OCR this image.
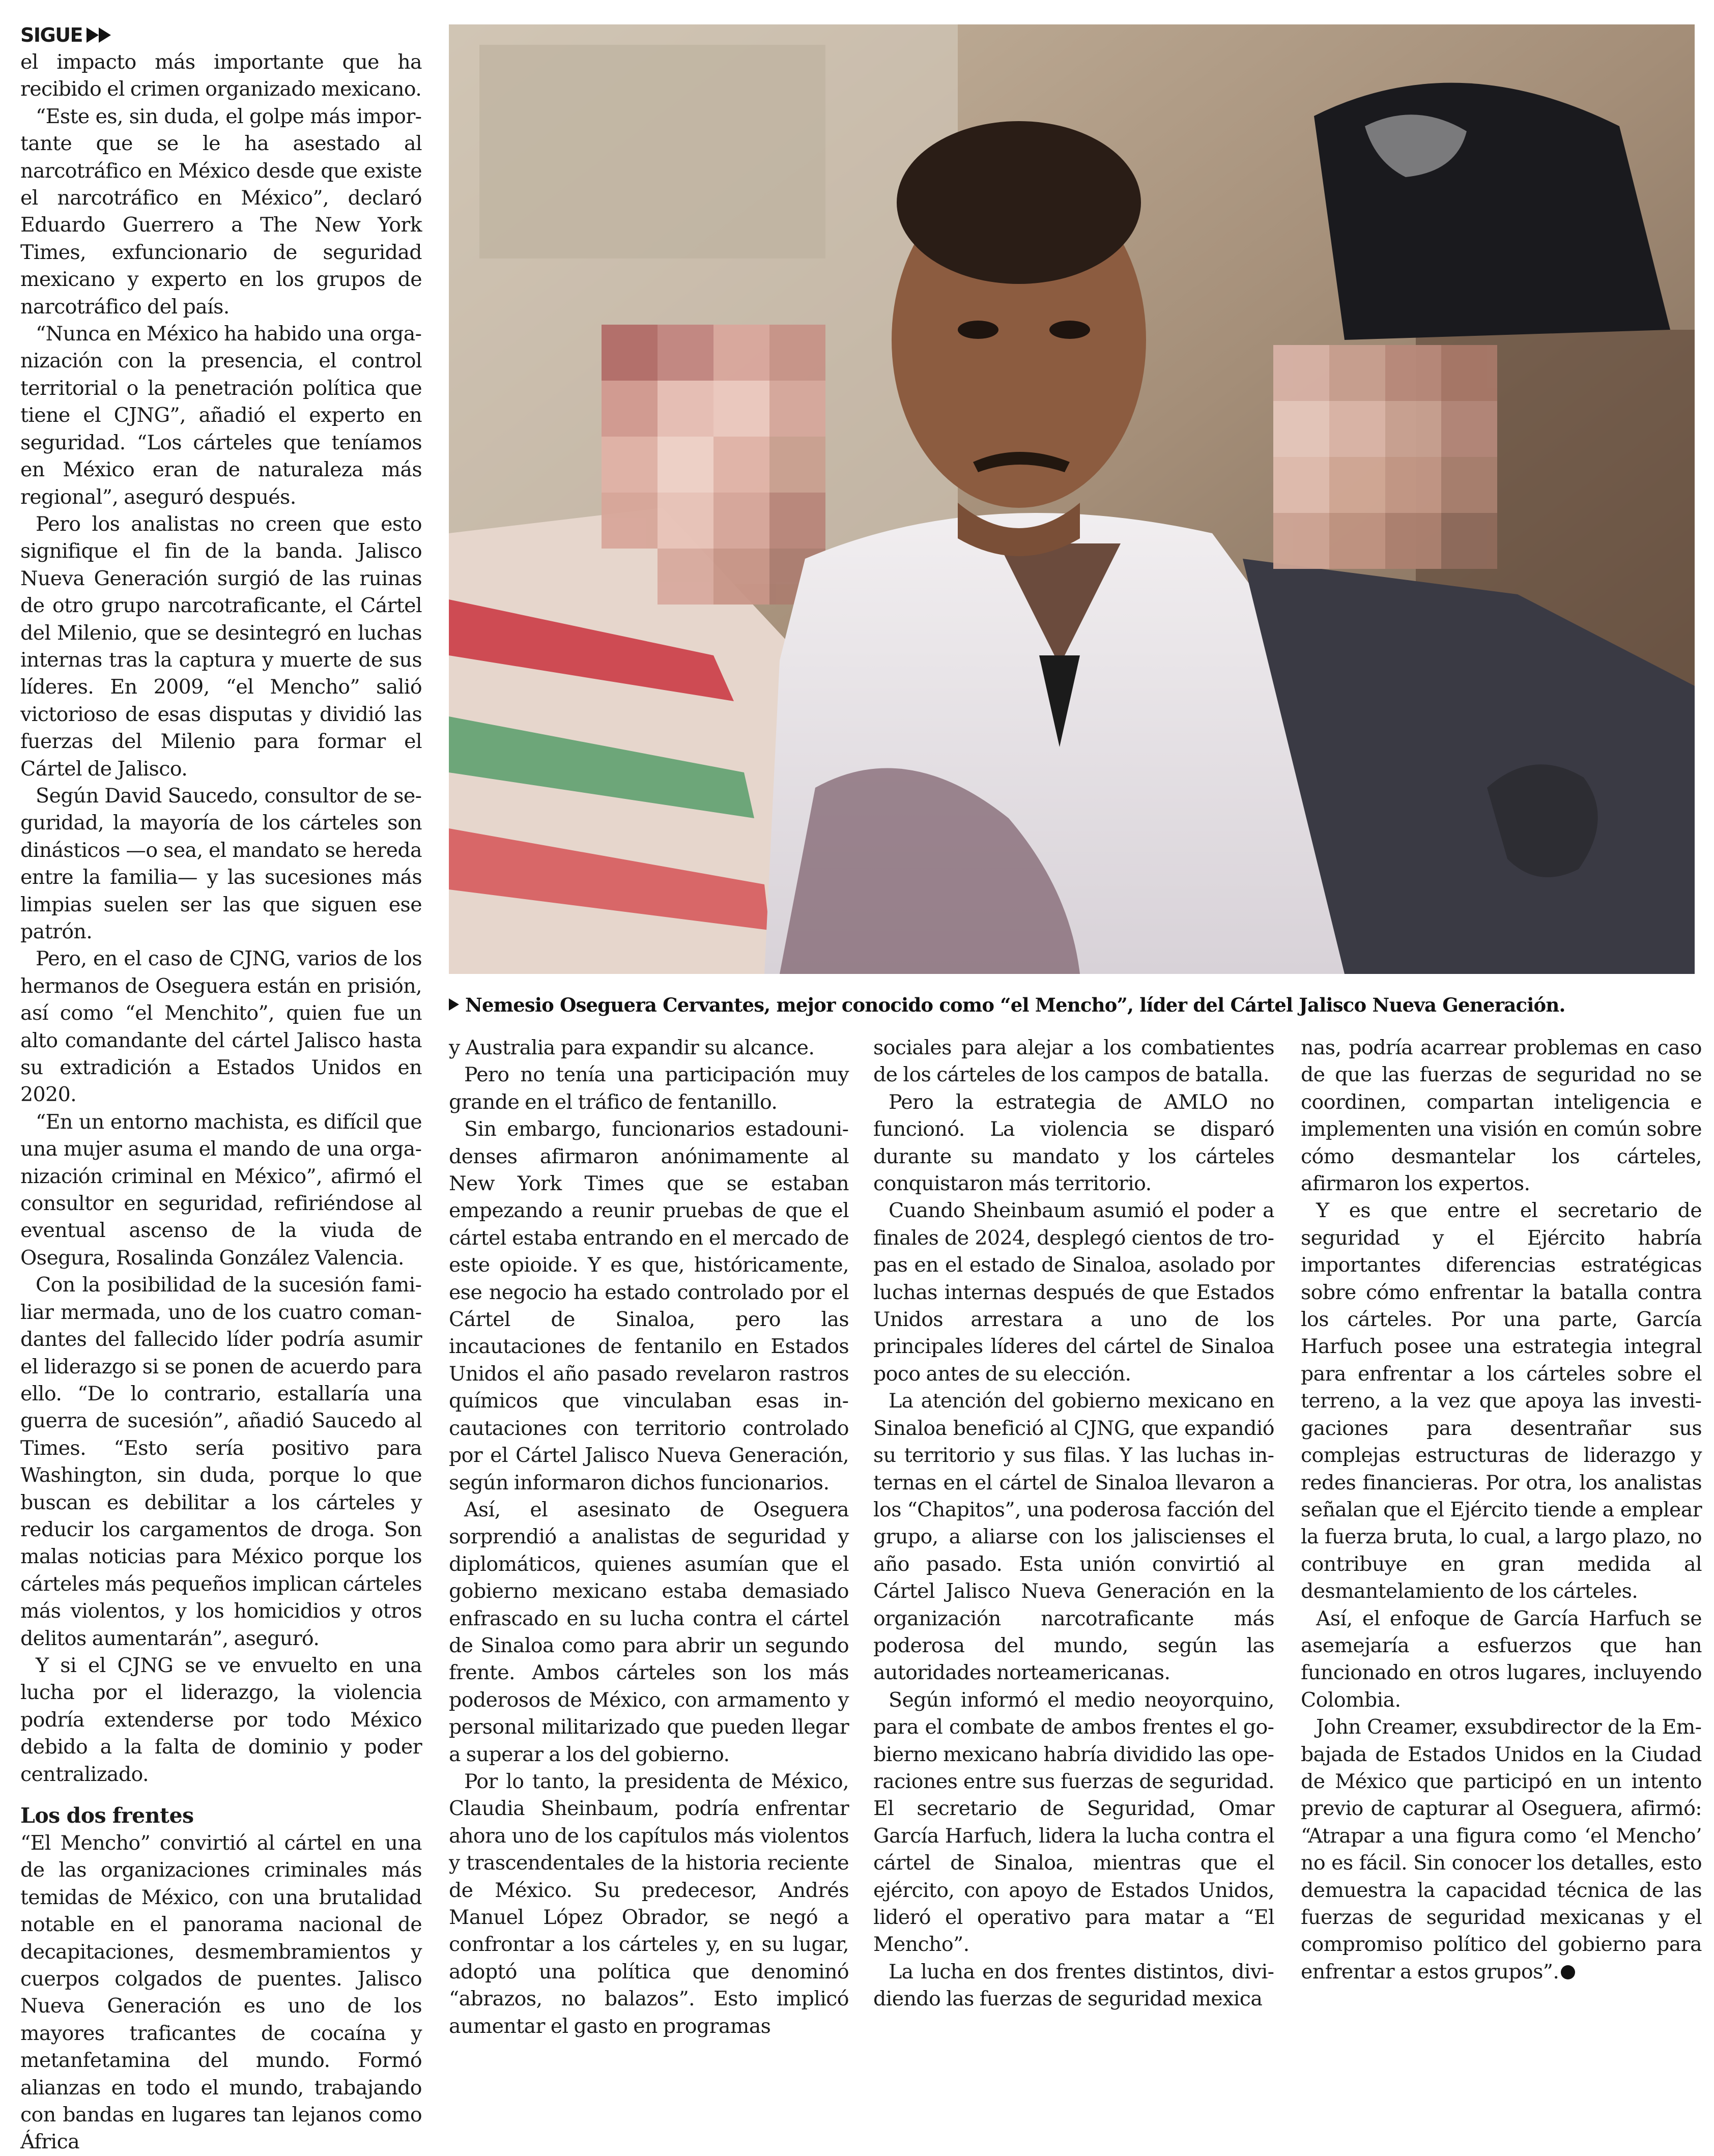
SIGUE
Nemesio Oseguera Cervantes, mejor conocido como “el Mencho”, líder del Cártel Jalisco Nueva Generación.

el impacto más importante que ha recibido el crimen organizado mexicano.

“Este es, sin duda, el golpe más importante que se le ha asestado al narcotráfico en México desde que existe el narcotráfico en México”, declaró Eduardo Guerrero a The New York Times, exfuncionario de seguridad mexicano y experto en los grupos de narcotráfico del país.

“Nunca en México ha habido una organización con la presencia, el control territorial o la penetración política que tiene el CJNG”, añadió el experto en seguridad. “Los cárteles que teníamos en México eran de naturaleza más regional”, aseguró después.

Pero los analistas no creen que esto signifique el fin de la banda. Jalisco Nueva Generación surgió de las ruinas de otro grupo narcotraficante, el Cártel del Milenio, que se desintegró en luchas internas tras la captura y muerte de sus líderes. En 2009, “el Mencho” salió victorioso de esas disputas y dividió las fuerzas del Milenio para formar el Cártel de Jalisco.

Según David Saucedo, consultor de seguridad, la mayoría de los cárteles son dinásticos —o sea, el mandato se hereda entre la familia— y las sucesiones más limpias suelen ser las que siguen ese patrón.

Pero, en el caso de CJNG, varios de los hermanos de Oseguera están en prisión, así como “el Menchito”, quien fue un alto comandante del cártel Jalisco hasta su extradición a Estados Unidos en 2020.

“En un entorno machista, es difícil que una mujer asuma el mando de una organización criminal en México”, afirmó el consultor en seguridad, refiriéndose al eventual ascenso de la viuda de Osegura, Rosalinda González Valencia.

Con la posibilidad de la sucesión familiar mermada, uno de los cuatro comandantes del fallecido líder podría asumir el liderazgo si se ponen de acuerdo para ello. “De lo contrario, estallaría una guerra de sucesión”, añadió Saucedo al Times. “Esto sería positivo para Washington, sin duda, porque lo que buscan es debilitar a los cárteles y reducir los cargamentos de droga. Son malas noticias para México porque los cárteles más pequeños implican cárteles más violentos, y los homicidios y otros delitos aumentarán”, aseguró.

Y si el CJNG se ve envuelto en una lucha por el liderazgo, la violencia podría extenderse por todo México debido a la falta de dominio y poder centralizado.

Los dos frentes

“El Mencho” convirtió al cártel en una de las organizaciones criminales más temidas de México, con una brutalidad notable en el panorama nacional de decapitaciones, desmembramientos y cuerpos colgados de puentes. Jalisco Nueva Generación es uno de los mayores traficantes de cocaína y metanfetamina del mundo. Formó alianzas en todo el mundo, trabajando con bandas en lugares tan lejanos como África

y Australia para expandir su alcance.

Pero no tenía una participación muy grande en el tráfico de fentanillo.

Sin embargo, funcionarios estadounidenses afirmaron anónimamente al New York Times que se estaban empezando a reunir pruebas de que el cártel estaba entrando en el mercado de este opioide. Y es que, históricamente, ese negocio ha estado controlado por el Cártel de Sinaloa, pero las incautaciones de fentanilo en Estados Unidos el año pasado revelaron rastros químicos que vinculaban esas incautaciones con territorio controlado por el Cártel Jalisco Nueva Generación, según informaron dichos funcionarios.

Así, el asesinato de Oseguera sorprendió a analistas de seguridad y diplomáticos, quienes asumían que el gobierno mexicano estaba demasiado enfrascado en su lucha contra el cártel de Sinaloa como para abrir un segundo frente. Ambos cárteles son los más poderosos de México, con armamento y personal militarizado que pueden llegar a superar a los del gobierno.

Por lo tanto, la presidenta de México, Claudia Sheinbaum, podría enfrentar ahora uno de los capítulos más violentos y trascendentales de la historia reciente de México. Su predecesor, Andrés Manuel López Obrador, se negó a confrontar a los cárteles y, en su lugar, adoptó una política que denominó “abrazos, no balazos”. Esto implicó aumentar el gasto en programas

sociales para alejar a los combatientes de los cárteles de los campos de batalla.

Pero la estrategia de AMLO no funcionó. La violencia se disparó durante su mandato y los cárteles conquistaron más territorio.

Cuando Sheinbaum asumió el poder a finales de 2024, desplegó cientos de tropas en el estado de Sinaloa, asolado por luchas internas después de que Estados Unidos arrestara a uno de los principales líderes del cártel de Sinaloa poco antes de su elección.

La atención del gobierno mexicano en Sinaloa benefició al CJNG, que expandió su territorio y sus filas. Y las luchas internas en el cártel de Sinaloa llevaron a los “Chapitos”, una poderosa facción del grupo, a aliarse con los jaliscienses el año pasado. Esta unión convirtió al Cártel Jalisco Nueva Generación en la organización narcotraficante más poderosa del mundo, según las autoridades norteamericanas.

Según informó el medio neoyorquino, para el combate de ambos frentes el gobierno mexicano habría dividido las operaciones entre sus fuerzas de seguridad. El secretario de Seguridad, Omar García Harfuch, lidera la lucha contra el cártel de Sinaloa, mientras que el ejército, con apoyo de Estados Unidos, lideró el operativo para matar a “El Mencho”.

La lucha en dos frentes distintos, dividiendo las fuerzas de seguridad mexica

nas, podría acarrear problemas en caso de que las fuerzas de seguridad no se coordinen, compartan inteligencia e implementen una visión en común sobre cómo desmantelar los cárteles, afirmaron los expertos.

Y es que entre el secretario de seguridad y el Ejército habría importantes diferencias estratégicas sobre cómo enfrentar la batalla contra los cárteles. Por una parte, García Harfuch posee una estrategia integral para enfrentar a los cárteles sobre el terreno, a la vez que apoya las investigaciones para desentrañar sus complejas estructuras de liderazgo y redes financieras. Por otra, los analistas señalan que el Ejército tiende a emplear la fuerza bruta, lo cual, a largo plazo, no contribuye en gran medida al desmantelamiento de los cárteles.

Así, el enfoque de García Harfuch se asemejaría a esfuerzos que han funcionado en otros lugares, incluyendo Colombia.

John Creamer, exsubdirector de la Embajada de Estados Unidos en la Ciudad de México que participó en un intento previo de capturar al Oseguera, afirmó: “Atrapar a una figura como ‘el Mencho’ no es fácil. Sin conocer los detalles, esto demuestra la capacidad técnica de las fuerzas de seguridad mexicanas y el compromiso político del gobierno para enfrentar a estos grupos”.
